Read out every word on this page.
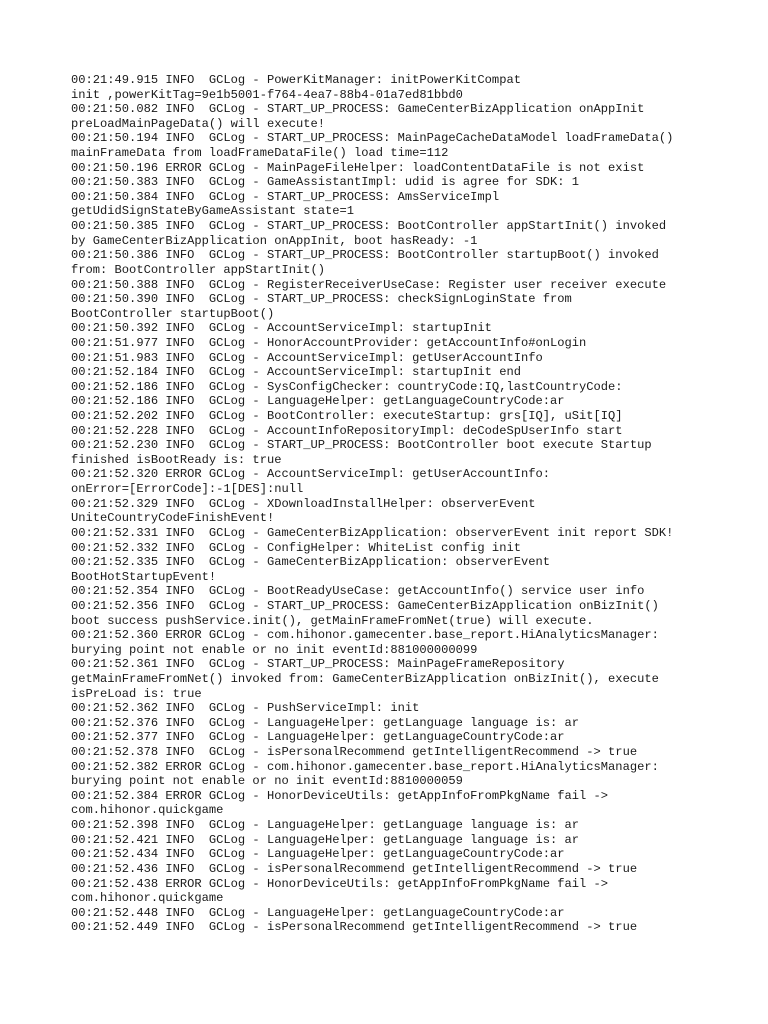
00:21:49.915 INFO  GCLog - PowerKitManager: initPowerKitCompat
init ,powerKitTag=9e1b5001-f764-4ea7-88b4-01a7ed81bbd0
00:21:50.082 INFO  GCLog - START_UP_PROCESS: GameCenterBizApplication onAppInit
preLoadMainPageData() will execute!
00:21:50.194 INFO  GCLog - START_UP_PROCESS: MainPageCacheDataModel loadFrameData()
mainFrameData from loadFrameDataFile() load time=112
00:21:50.196 ERROR GCLog - MainPageFileHelper: loadContentDataFile is not exist
00:21:50.383 INFO  GCLog - GameAssistantImpl: udid is agree for SDK: 1
00:21:50.384 INFO  GCLog - START_UP_PROCESS: AmsServiceImpl
getUdidSignStateByGameAssistant state=1
00:21:50.385 INFO  GCLog - START_UP_PROCESS: BootController appStartInit() invoked
by GameCenterBizApplication onAppInit, boot hasReady: -1
00:21:50.386 INFO  GCLog - START_UP_PROCESS: BootController startupBoot() invoked
from: BootController appStartInit()
00:21:50.388 INFO  GCLog - RegisterReceiverUseCase: Register user receiver execute
00:21:50.390 INFO  GCLog - START_UP_PROCESS: checkSignLoginState from
BootController startupBoot()
00:21:50.392 INFO  GCLog - AccountServiceImpl: startupInit
00:21:51.977 INFO  GCLog - HonorAccountProvider: getAccountInfo#onLogin
00:21:51.983 INFO  GCLog - AccountServiceImpl: getUserAccountInfo
00:21:52.184 INFO  GCLog - AccountServiceImpl: startupInit end
00:21:52.186 INFO  GCLog - SysConfigChecker: countryCode:IQ,lastCountryCode:
00:21:52.186 INFO  GCLog - LanguageHelper: getLanguageCountryCode:ar
00:21:52.202 INFO  GCLog - BootController: executeStartup: grs[IQ], uSit[IQ]
00:21:52.228 INFO  GCLog - AccountInfoRepositoryImpl: deCodeSpUserInfo start
00:21:52.230 INFO  GCLog - START_UP_PROCESS: BootController boot execute Startup
finished isBootReady is: true
00:21:52.320 ERROR GCLog - AccountServiceImpl: getUserAccountInfo:
onError=[ErrorCode]:-1[DES]:null
00:21:52.329 INFO  GCLog - XDownloadInstallHelper: observerEvent
UniteCountryCodeFinishEvent!
00:21:52.331 INFO  GCLog - GameCenterBizApplication: observerEvent init report SDK!
00:21:52.332 INFO  GCLog - ConfigHelper: WhiteList config init
00:21:52.335 INFO  GCLog - GameCenterBizApplication: observerEvent
BootHotStartupEvent!
00:21:52.354 INFO  GCLog - BootReadyUseCase: getAccountInfo() service user info
00:21:52.356 INFO  GCLog - START_UP_PROCESS: GameCenterBizApplication onBizInit()
boot success pushService.init(), getMainFrameFromNet(true) will execute.
00:21:52.360 ERROR GCLog - com.hihonor.gamecenter.base_report.HiAnalyticsManager:
burying point not enable or no init eventId:881000000099
00:21:52.361 INFO  GCLog - START_UP_PROCESS: MainPageFrameRepository
getMainFrameFromNet() invoked from: GameCenterBizApplication onBizInit(), execute
isPreLoad is: true
00:21:52.362 INFO  GCLog - PushServiceImpl: init
00:21:52.376 INFO  GCLog - LanguageHelper: getLanguage language is: ar
00:21:52.377 INFO  GCLog - LanguageHelper: getLanguageCountryCode:ar
00:21:52.378 INFO  GCLog - isPersonalRecommend getIntelligentRecommend -> true
00:21:52.382 ERROR GCLog - com.hihonor.gamecenter.base_report.HiAnalyticsManager:
burying point not enable or no init eventId:8810000059
00:21:52.384 ERROR GCLog - HonorDeviceUtils: getAppInfoFromPkgName fail ->
com.hihonor.quickgame
00:21:52.398 INFO  GCLog - LanguageHelper: getLanguage language is: ar
00:21:52.421 INFO  GCLog - LanguageHelper: getLanguage language is: ar
00:21:52.434 INFO  GCLog - LanguageHelper: getLanguageCountryCode:ar
00:21:52.436 INFO  GCLog - isPersonalRecommend getIntelligentRecommend -> true
00:21:52.438 ERROR GCLog - HonorDeviceUtils: getAppInfoFromPkgName fail ->
com.hihonor.quickgame
00:21:52.448 INFO  GCLog - LanguageHelper: getLanguageCountryCode:ar
00:21:52.449 INFO  GCLog - isPersonalRecommend getIntelligentRecommend -> true
